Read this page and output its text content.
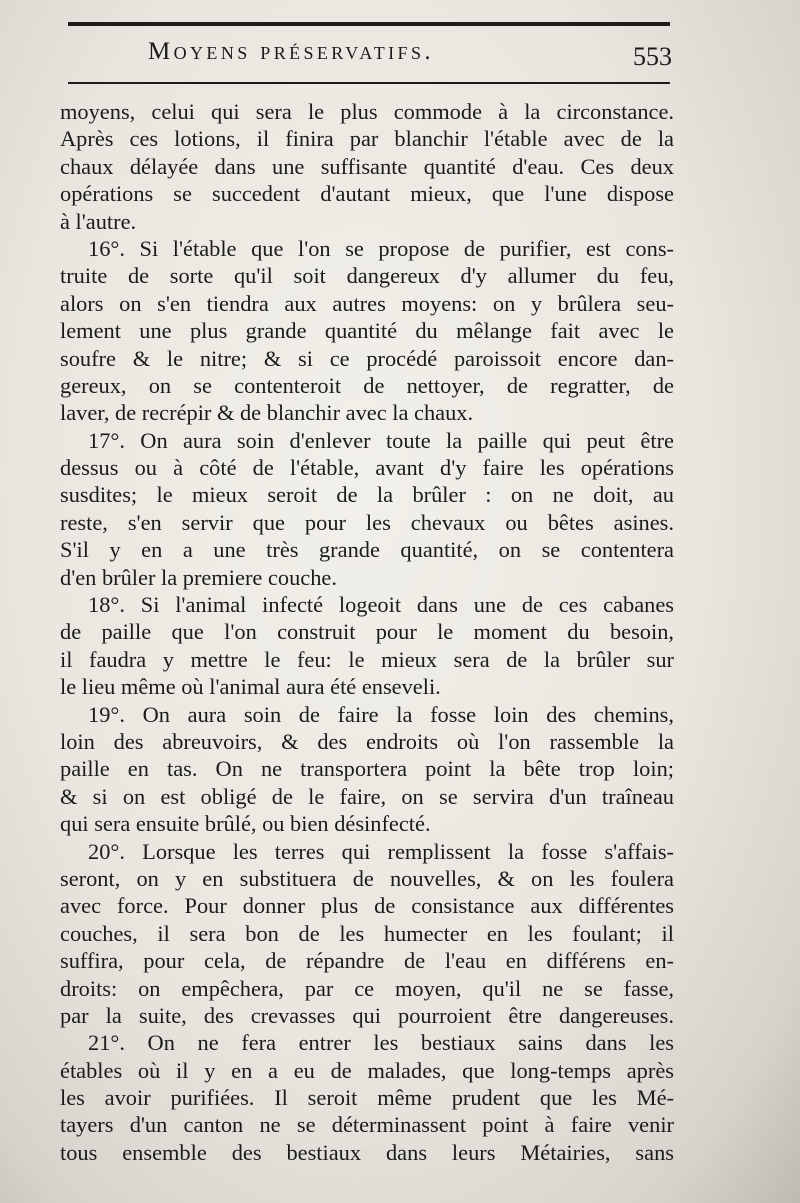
Moyens préservatifs.	553
moyens, celui qui sera le plus commode à la circonstance.
Après ces lotions, il finira par blanchir l'étable avec de la
chaux délayée dans une suffisante quantité d'eau. Ces deux
opérations se succedent d'autant mieux, que l'une dispose
à l'autre.
16°. Si l'étable que l'on se propose de purifier, est cons-
truite de sorte qu'il soit dangereux d'y allumer du feu,
alors on s'en tiendra aux autres moyens: on y brûlera seu-
lement une plus grande quantité du mêlange fait avec le
soufre & le nitre; & si ce procédé paroissoit encore dan-
gereux, on se contenteroit de nettoyer, de regratter, de
laver, de recrépir & de blanchir avec la chaux.
17°. On aura soin d'enlever toute la paille qui peut être
dessus ou à côté de l'étable, avant d'y faire les opérations
susdites; le mieux seroit de la brûler : on ne doit, au
reste, s'en servir que pour les chevaux ou bêtes asines.
S'il y en a une très grande quantité, on se contentera
d'en brûler la premiere couche.
18°. Si l'animal infecté logeoit dans une de ces cabanes
de paille que l'on construit pour le moment du besoin,
il faudra y mettre le feu: le mieux sera de la brûler sur
le lieu même où l'animal aura été enseveli.
19°. On aura soin de faire la fosse loin des chemins,
loin des abreuvoirs, & des endroits où l'on rassemble la
paille en tas. On ne transportera point la bête trop loin;
& si on est obligé de le faire, on se servira d'un traîneau
qui sera ensuite brûlé, ou bien désinfecté.
20°. Lorsque les terres qui remplissent la fosse s'affais-
seront, on y en substituera de nouvelles, & on les foulera
avec force. Pour donner plus de consistance aux différentes
couches, il sera bon de les humecter en les foulant; il
suffira, pour cela, de répandre de l'eau en différens en-
droits: on empêchera, par ce moyen, qu'il ne se fasse,
par la suite, des crevasses qui pourroient être dangereuses.
21°. On ne fera entrer les bestiaux sains dans les
étables où il y en a eu de malades, que long-temps après
les avoir purifiées. Il seroit même prudent que les Mé-
tayers d'un canton ne se déterminassent point à faire venir
tous ensemble des bestiaux dans leurs Métairies, sans
